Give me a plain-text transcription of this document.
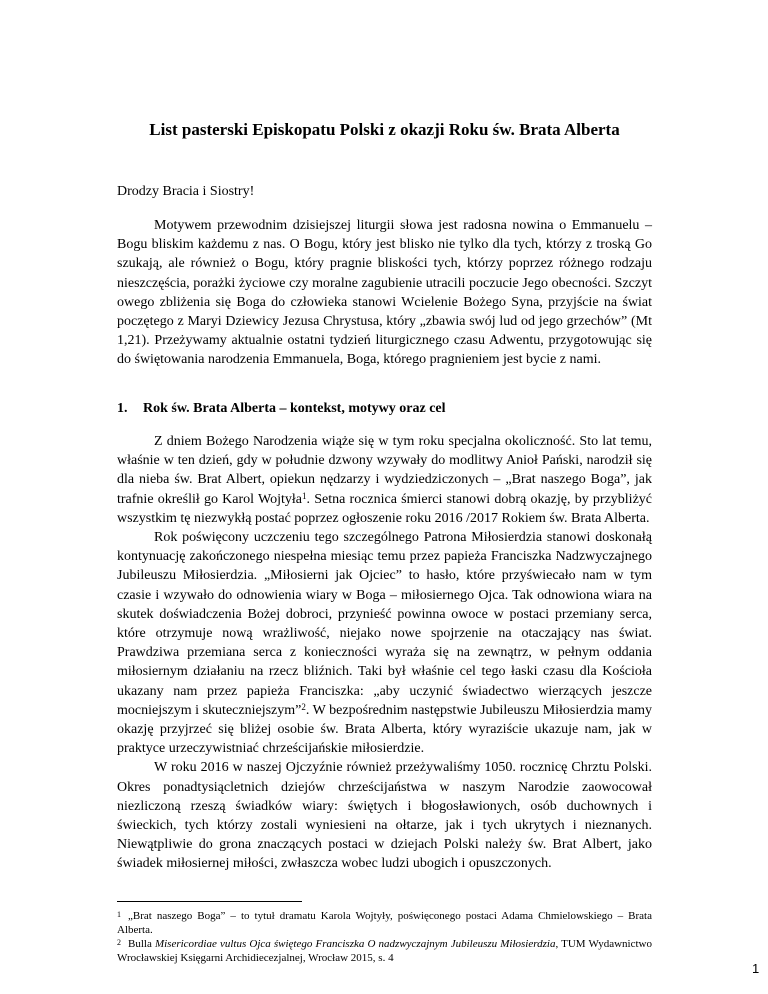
List pasterski Episkopatu Polski z okazji Roku św. Brata Alberta

Drodzy Bracia i Siostry!

Motywem przewodnim dzisiejszej liturgii słowa jest radosna nowina o Emmanuelu – Bogu bliskim każdemu z nas. O Bogu, który jest blisko nie tylko dla tych, którzy z troską Go szukają, ale również o Bogu, który pragnie bliskości tych, którzy poprzez różnego rodzaju nieszczęścia, porażki życiowe czy moralne zagubienie utracili poczucie Jego obecności. Szczyt owego zbliżenia się Boga do człowieka stanowi Wcielenie Bożego Syna, przyjście na świat poczętego z Maryi Dziewicy Jezusa Chrystusa, który „zbawia swój lud od jego grzechów” (Mt 1,21). Przeżywamy aktualnie ostatni tydzień liturgicznego czasu Adwentu, przygotowując się do świętowania narodzenia Emmanuela, Boga, którego pragnieniem jest bycie z nami.

1. Rok św. Brata Alberta – kontekst, motywy oraz cel

Z dniem Bożego Narodzenia wiąże się w tym roku specjalna okoliczność. Sto lat temu, właśnie w ten dzień, gdy w południe dzwony wzywały do modlitwy Anioł Pański, narodził się dla nieba św. Brat Albert, opiekun nędzarzy i wydziedziczonych – „Brat naszego Boga”, jak trafnie określił go Karol Wojtyła$^1$. Setna rocznica śmierci stanowi dobrą okazję, by przybliżyć wszystkim tę niezwykłą postać poprzez ogłoszenie roku 2016 /2017 Rokiem św. Brata Alberta.

Rok poświęcony uczczeniu tego szczególnego Patrona Miłosierdzia stanowi doskonałą kontynuację zakończonego niespełna miesiąc temu przez papieża Franciszka Nadzwyczajnego Jubileuszu Miłosierdzia. „Miłosierni jak Ojciec” to hasło, które przyświecało nam w tym czasie i wzywało do odnowienia wiary w Boga – miłosiernego Ojca. Tak odnowiona wiara na skutek doświadczenia Bożej dobroci, przynieść powinna owoce w postaci przemiany serca, które otrzymuje nową wrażliwość, niejako nowe spojrzenie na otaczający nas świat. Prawdziwa przemiana serca z konieczności wyraża się na zewnątrz, w pełnym oddania miłosiernym działaniu na rzecz bliźnich. Taki był właśnie cel tego łaski czasu dla Kościoła ukazany nam przez papieża Franciszka: „aby uczynić świadectwo wierzących jeszcze mocniejszym i skuteczniejszym”$^2$. W bezpośrednim następstwie Jubileuszu Miłosierdzia mamy okazję przyjrzeć się bliżej osobie św. Brata Alberta, który wyraziście ukazuje nam, jak w praktyce urzeczywistniać chrześcijańskie miłosierdzie.

W roku 2016 w naszej Ojczyźnie również przeżywaliśmy 1050. rocznicę Chrztu Polski. Okres ponadtysiącletnich dziejów chrześcijaństwa w naszym Narodzie zaowocował niezliczoną rzeszą świadków wiary: świętych i błogosławionych, osób duchownych i świeckich, tych którzy zostali wyniesieni na ołtarze, jak i tych ukrytych i nieznanych. Niewątpliwie do grona znaczących postaci w dziejach Polski należy św. Brat Albert, jako świadek miłosiernej miłości, zwłaszcza wobec ludzi ubogich i opuszczonych.

$^1$ „Brat naszego Boga” – to tytuł dramatu Karola Wojtyły, poświęconego postaci Adama Chmielowskiego – Brata Alberta.

$^2$ Bulla Misericordiae vultus Ojca świętego Franciszka O nadzwyczajnym Jubileuszu Miłosierdzia, TUM Wydawnictwo Wrocławskiej Księgarni Archidiecezjalnej, Wrocław 2015, s. 4

1
